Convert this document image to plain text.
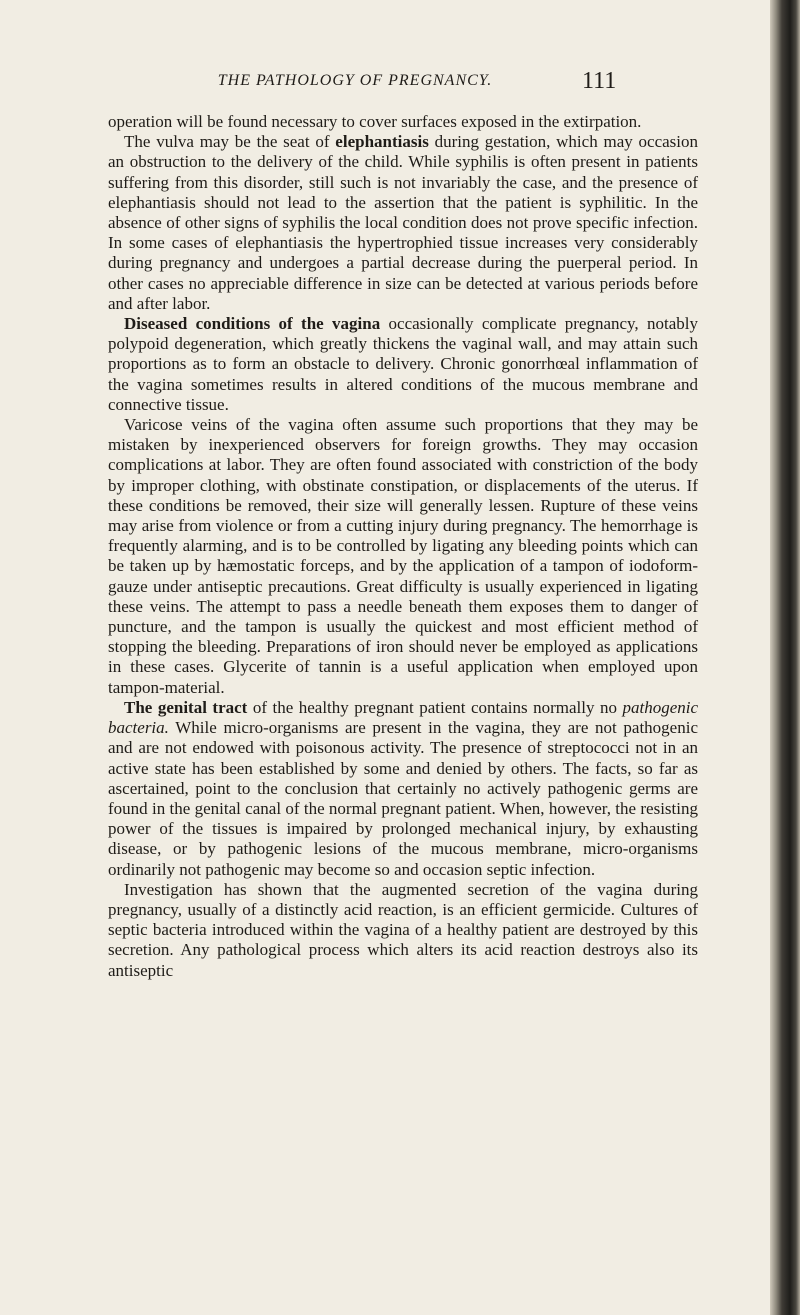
THE PATHOLOGY OF PREGNANCY.	111

operation will be found necessary to cover surfaces exposed in the extirpation.

The vulva may be the seat of elephantiasis during gestation, which may occasion an obstruction to the delivery of the child. While syphilis is often present in patients suffering from this disorder, still such is not invariably the case, and the presence of elephantiasis should not lead to the assertion that the patient is syphilitic. In the absence of other signs of syphilis the local condition does not prove specific infection. In some cases of elephantiasis the hypertrophied tissue increases very considerably during pregnancy and undergoes a partial decrease during the puerperal period. In other cases no appreciable difference in size can be detected at various periods before and after labor.

Diseased conditions of the vagina occasionally complicate pregnancy, notably polypoid degeneration, which greatly thickens the vaginal wall, and may attain such proportions as to form an obstacle to delivery. Chronic gonorrhœal inflammation of the vagina sometimes results in altered conditions of the mucous membrane and connective tissue.

Varicose veins of the vagina often assume such proportions that they may be mistaken by inexperienced observers for foreign growths. They may occasion complications at labor. They are often found associated with constriction of the body by improper clothing, with obstinate constipation, or displacements of the uterus. If these conditions be removed, their size will generally lessen. Rupture of these veins may arise from violence or from a cutting injury during pregnancy. The hemorrhage is frequently alarming, and is to be controlled by ligating any bleeding points which can be taken up by hæmostatic forceps, and by the application of a tampon of iodoform-gauze under antiseptic precautions. Great difficulty is usually experienced in ligating these veins. The attempt to pass a needle beneath them exposes them to danger of puncture, and the tampon is usually the quickest and most efficient method of stopping the bleeding. Preparations of iron should never be employed as applications in these cases. Glycerite of tannin is a useful application when employed upon tampon-material.

The genital tract of the healthy pregnant patient contains normally no pathogenic bacteria. While micro-organisms are present in the vagina, they are not pathogenic and are not endowed with poisonous activity. The presence of streptococci not in an active state has been established by some and denied by others. The facts, so far as ascertained, point to the conclusion that certainly no actively pathogenic germs are found in the genital canal of the normal pregnant patient. When, however, the resisting power of the tissues is impaired by prolonged mechanical injury, by exhausting disease, or by pathogenic lesions of the mucous membrane, micro-organisms ordinarily not pathogenic may become so and occasion septic infection.

Investigation has shown that the augmented secretion of the vagina during pregnancy, usually of a distinctly acid reaction, is an efficient germicide. Cultures of septic bacteria introduced within the vagina of a healthy patient are destroyed by this secretion. Any pathological process which alters its acid reaction destroys also its antiseptic
